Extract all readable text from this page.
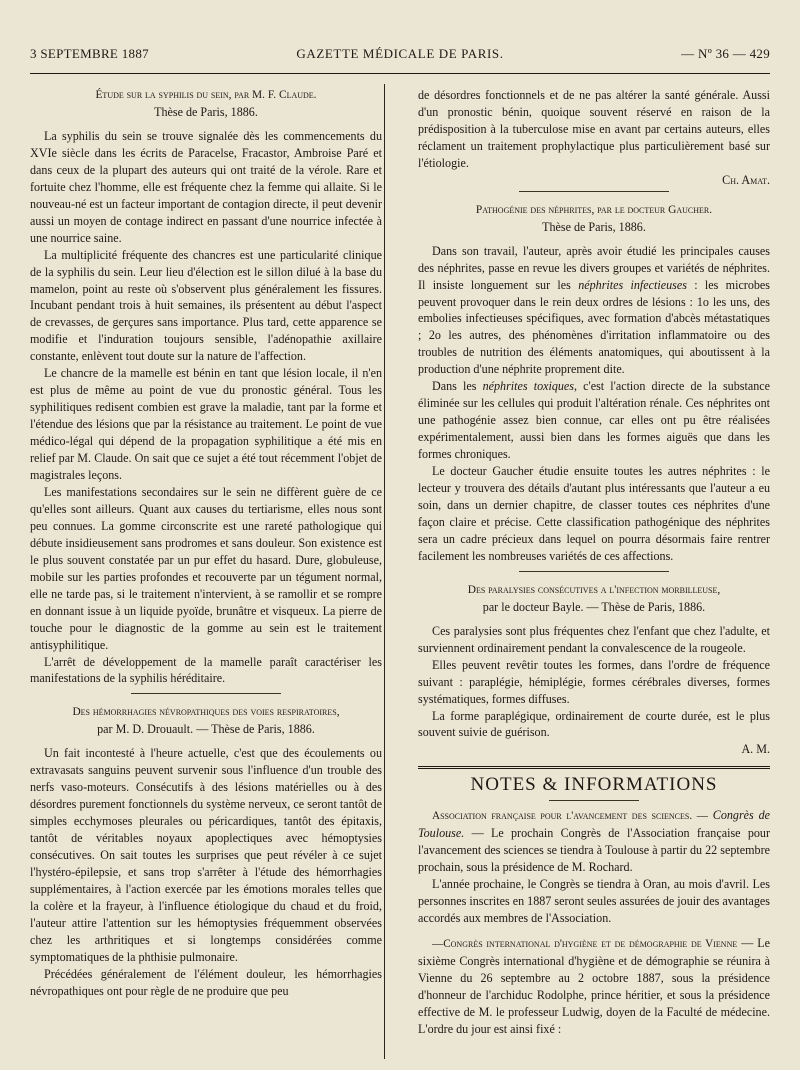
3 SEPTEMBRE 1887	GAZETTE MÉDICALE DE PARIS.	— Nº 36 — 429

Étude sur la syphilis du sein, par M. F. Claude.

Thèse de Paris, 1886.

La syphilis du sein se trouve signalée dès les commencements du XVIe siècle dans les écrits de Paracelse, Fracastor, Ambroise Paré et dans ceux de la plupart des auteurs qui ont traité de la vérole. Rare et fortuite chez l'homme, elle est fréquente chez la femme qui allaite. Si le nouveau-né est un facteur important de contagion directe, il peut devenir aussi un moyen de contage indirect en passant d'une nourrice infectée à une nourrice saine.

La multiplicité fréquente des chancres est une particularité clinique de la syphilis du sein. Leur lieu d'élection est le sillon dilué à la base du mamelon, point au reste où s'observent plus généralement les fissures. Incubant pendant trois à huit semaines, ils présentent au début l'aspect de crevasses, de gerçures sans importance. Plus tard, cette apparence se modifie et l'induration toujours sensible, l'adénopathie axillaire constante, enlèvent tout doute sur la nature de l'affection.

Le chancre de la mamelle est bénin en tant que lésion locale, il n'en est plus de même au point de vue du pronostic général. Tous les syphilitiques redisent combien est grave la maladie, tant par la forme et l'étendue des lésions que par la résistance au traitement. Le point de vue médico-légal qui dépend de la propagation syphilitique a été mis en relief par M. Claude. On sait que ce sujet a été tout récemment l'objet de magistrales leçons.

Les manifestations secondaires sur le sein ne diffèrent guère de ce qu'elles sont ailleurs. Quant aux causes du tertiarisme, elles nous sont peu connues. La gomme circonscrite est une rareté pathologique qui débute insidieusement sans prodromes et sans douleur. Son existence est le plus souvent constatée par un pur effet du hasard. Dure, globuleuse, mobile sur les parties profondes et recouverte par un tégument normal, elle ne tarde pas, si le traitement n'intervient, à se ramollir et se rompre en donnant issue à un liquide pyoïde, brunâtre et visqueux. La pierre de touche pour le diagnostic de la gomme au sein est le traitement antisyphilitique.

L'arrêt de développement de la mamelle paraît caractériser les manifestations de la syphilis héréditaire.

Des hémorrhagies névropathiques des voies respiratoires,

par M. D. Drouault. — Thèse de Paris, 1886.

Un fait incontesté à l'heure actuelle, c'est que des écoulements ou extravasats sanguins peuvent survenir sous l'influence d'un trouble des nerfs vaso-moteurs. Consécutifs à des lésions matérielles ou à des désordres purement fonctionnels du système nerveux, ce seront tantôt de simples ecchymoses pleurales ou péricardiques, tantôt des épitaxis, tantôt de véritables noyaux apoplectiques avec hémoptysies consécutives. On sait toutes les surprises que peut révéler à ce sujet l'hystéro-épilepsie, et sans trop s'arrêter à l'étude des hémorrhagies supplémentaires, à l'action exercée par les émotions morales telles que la colère et la frayeur, à l'influence étiologique du chaud et du froid, l'auteur attire l'attention sur les hémoptysies fréquemment observées chez les arthritiques et si longtemps considérées comme symptomatiques de la phthisie pulmonaire.

Précédées généralement de l'élément douleur, les hémorrhagies névropathiques ont pour règle de ne produire que peu

de désordres fonctionnels et de ne pas altérer la santé générale. Aussi d'un pronostic bénin, quoique souvent réservé en raison de la prédisposition à la tuberculose mise en avant par certains auteurs, elles réclament un traitement prophylactique plus particulièrement basé sur l'étiologie.

Ch. Amat.

Pathogénie des néphrites, par le docteur Gaucher.

Thèse de Paris, 1886.

Dans son travail, l'auteur, après avoir étudié les principales causes des néphrites, passe en revue les divers groupes et variétés de néphrites. Il insiste longuement sur les néphrites infectieuses : les microbes peuvent provoquer dans le rein deux ordres de lésions : 1o les uns, des embolies infectieuses spécifiques, avec formation d'abcès métastatiques ; 2o les autres, des phénomènes d'irritation inflammatoire ou des troubles de nutrition des éléments anatomiques, qui aboutissent à la production d'une néphrite proprement dite.

Dans les néphrites toxiques, c'est l'action directe de la substance éliminée sur les cellules qui produit l'altération rénale. Ces néphrites ont une pathogénie assez bien connue, car elles ont pu être réalisées expérimentalement, aussi bien dans les formes aiguës que dans les formes chroniques.

Le docteur Gaucher étudie ensuite toutes les autres néphrites : le lecteur y trouvera des détails d'autant plus intéressants que l'auteur a eu soin, dans un dernier chapitre, de classer toutes ces néphrites d'une façon claire et précise. Cette classification pathogénique des néphrites sera un cadre précieux dans lequel on pourra désormais faire rentrer facilement les nombreuses variétés de ces affections.

Des paralysies consécutives a l'infection morbilleuse,

par le docteur Bayle. — Thèse de Paris, 1886.

Ces paralysies sont plus fréquentes chez l'enfant que chez l'adulte, et surviennent ordinairement pendant la convalescence de la rougeole.

Elles peuvent revêtir toutes les formes, dans l'ordre de fréquence suivant : paraplégie, hémiplégie, formes cérébrales diverses, formes systématiques, formes diffuses.

La forme paraplégique, ordinairement de courte durée, est le plus souvent suivie de guérison.

A. M.

NOTES & INFORMATIONS

Association française pour l'avancement des sciences. — Congrès de Toulouse. — Le prochain Congrès de l'Association française pour l'avancement des sciences se tiendra à Toulouse à partir du 22 septembre prochain, sous la présidence de M. Rochard.

L'année prochaine, le Congrès se tiendra à Oran, au mois d'avril. Les personnes inscrites en 1887 seront seules assurées de jouir des avantages accordés aux membres de l'Association.

—Congrès international d'hygiène et de démographie de Vienne — Le sixième Congrès international d'hygiène et de démographie se réunira à Vienne du 26 septembre au 2 octobre 1887, sous la présidence d'honneur de l'archiduc Rodolphe, prince héritier, et sous la présidence effective de M. le professeur Ludwig, doyen de la Faculté de médecine. L'ordre du jour est ainsi fixé :
